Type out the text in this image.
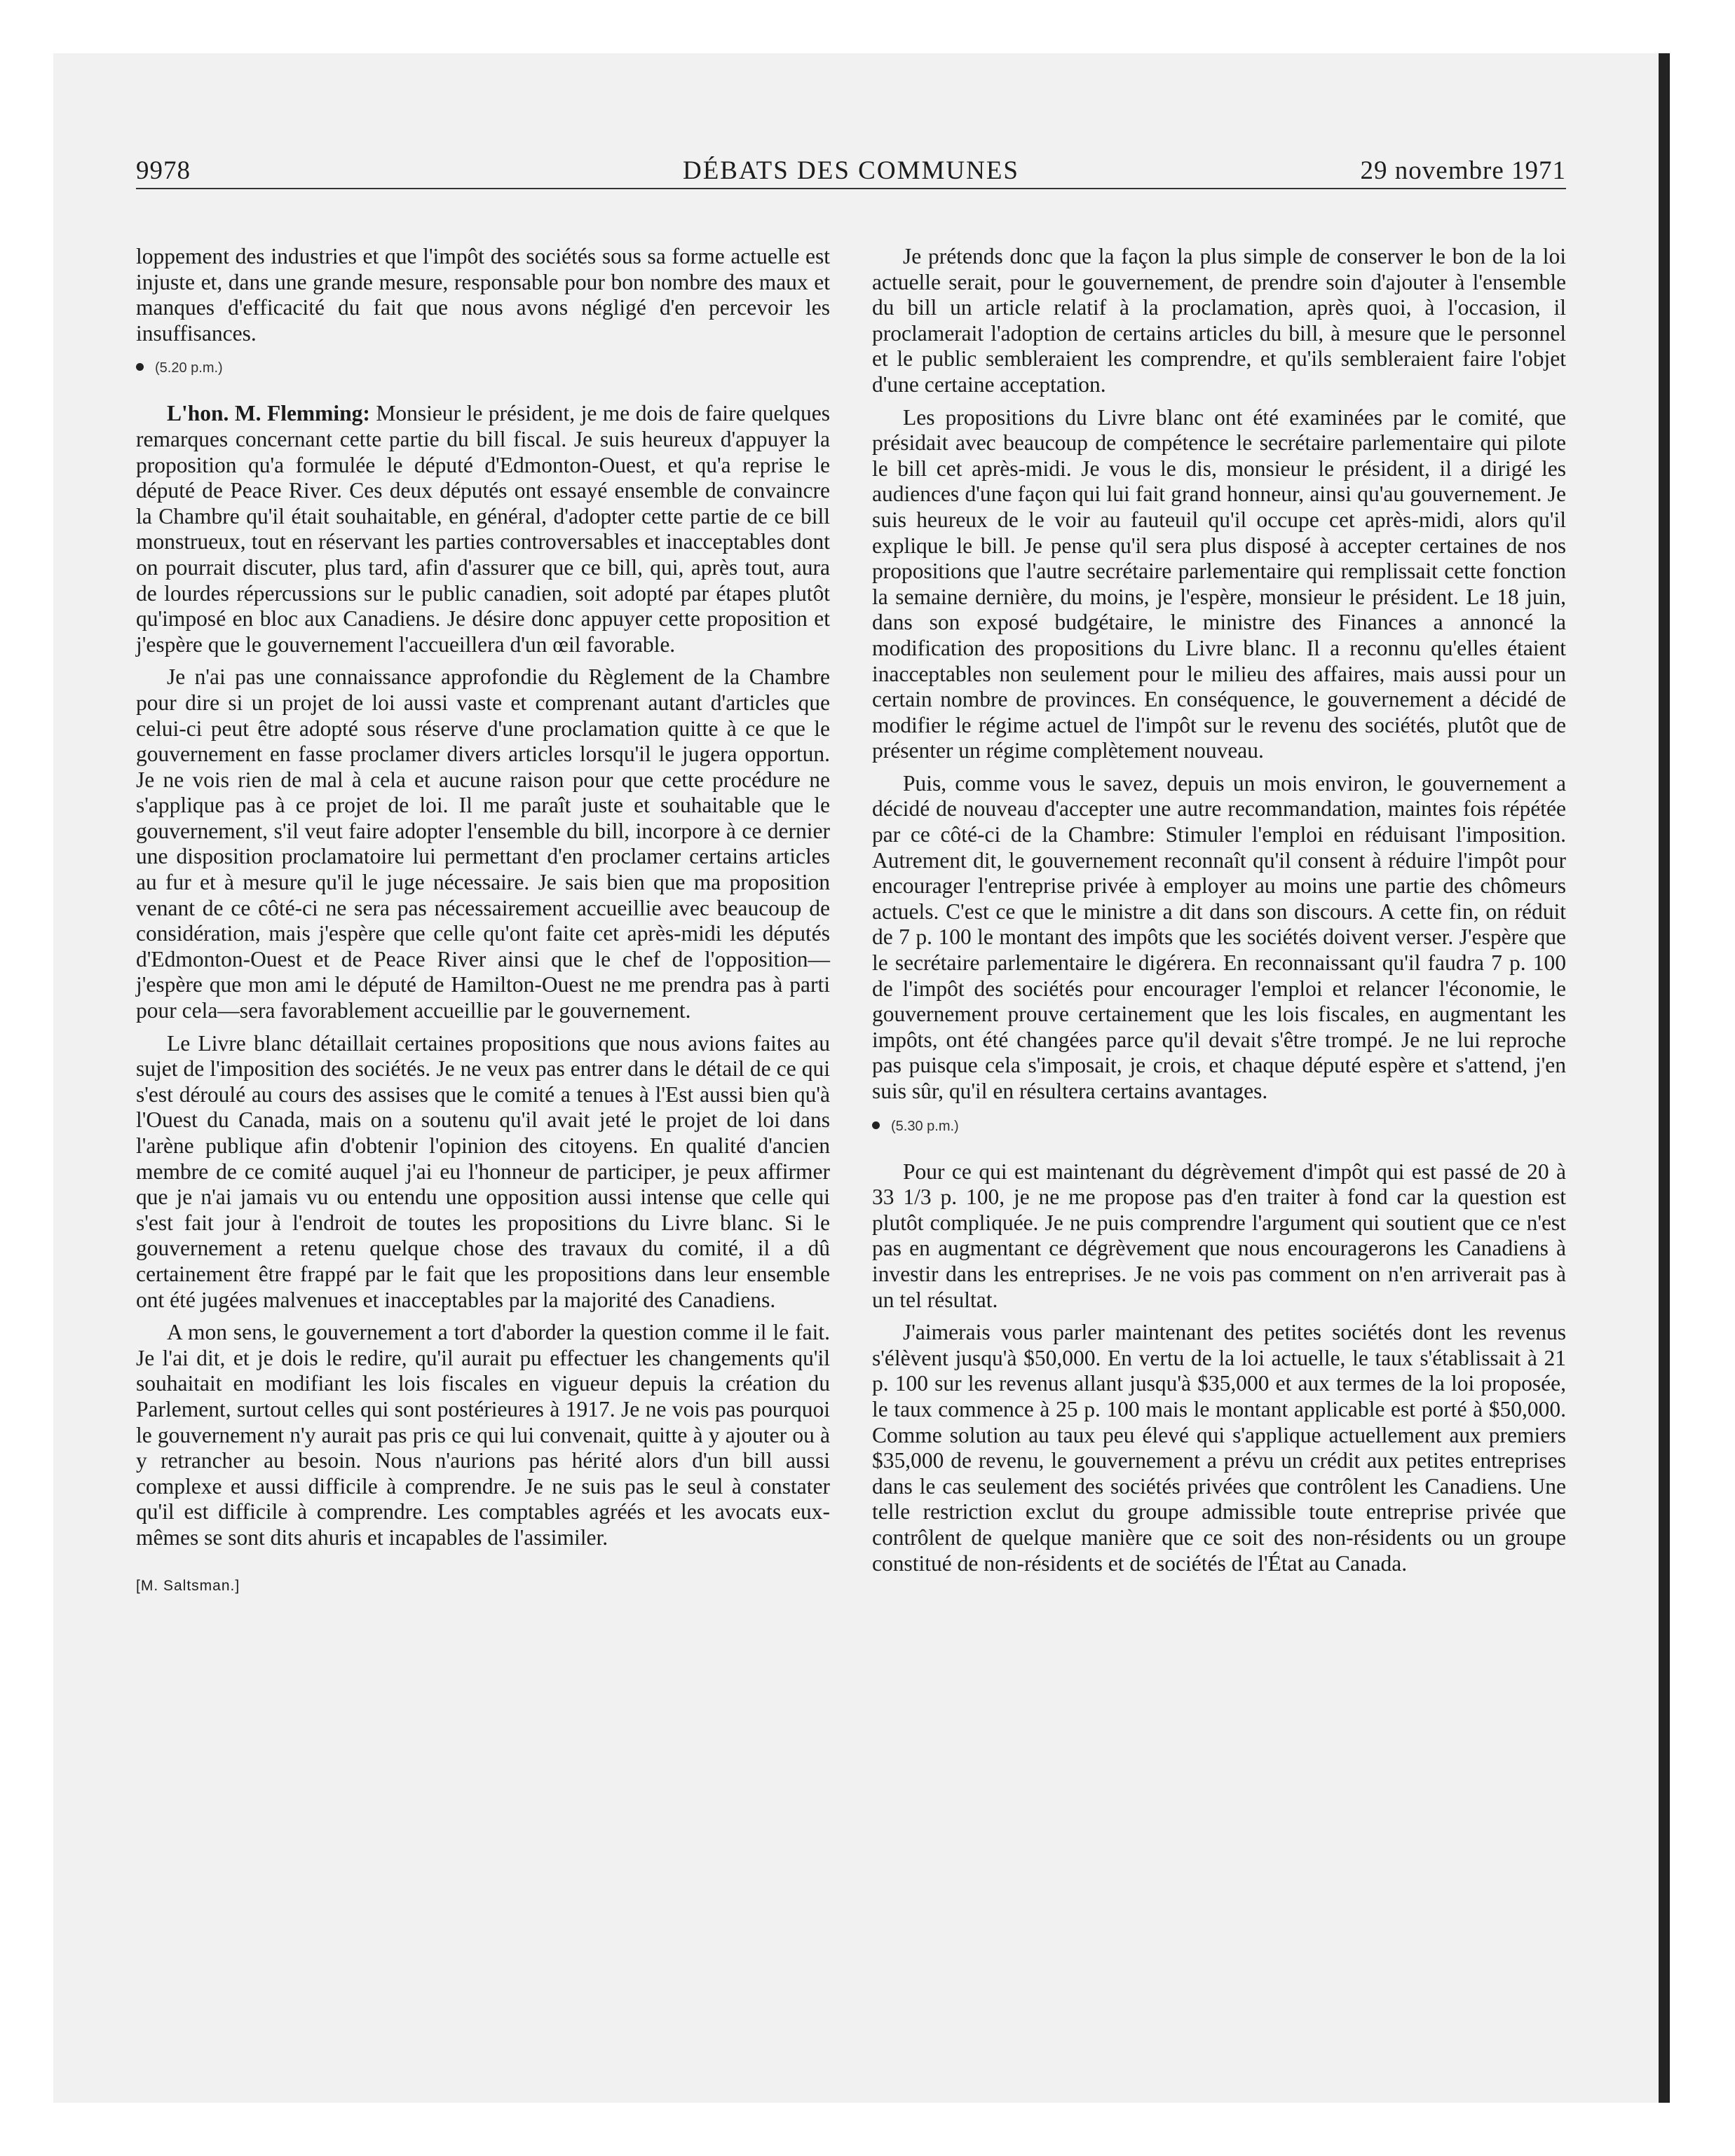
9978	DÉBATS DES COMMUNES	29 novembre 1971

loppement des industries et que l'impôt des sociétés sous sa forme actuelle est injuste et, dans une grande mesure, responsable pour bon nombre des maux et manques d'efficacité du fait que nous avons négligé d'en percevoir les insuffisances.

(5.20 p.m.)

L'hon. M. Flemming: Monsieur le président, je me dois de faire quelques remarques concernant cette partie du bill fiscal. Je suis heureux d'appuyer la proposition qu'a formulée le député d'Edmonton-Ouest, et qu'a reprise le député de Peace River. Ces deux députés ont essayé ensemble de convaincre la Chambre qu'il était souhaitable, en général, d'adopter cette partie de ce bill monstrueux, tout en réservant les parties controversables et inacceptables dont on pourrait discuter, plus tard, afin d'assurer que ce bill, qui, après tout, aura de lourdes répercussions sur le public canadien, soit adopté par étapes plutôt qu'imposé en bloc aux Canadiens. Je désire donc appuyer cette proposition et j'espère que le gouvernement l'accueillera d'un œil favorable.

Je n'ai pas une connaissance approfondie du Règlement de la Chambre pour dire si un projet de loi aussi vaste et comprenant autant d'articles que celui-ci peut être adopté sous réserve d'une proclamation quitte à ce que le gouvernement en fasse proclamer divers articles lorsqu'il le jugera opportun. Je ne vois rien de mal à cela et aucune raison pour que cette procédure ne s'applique pas à ce projet de loi. Il me paraît juste et souhaitable que le gouvernement, s'il veut faire adopter l'ensemble du bill, incorpore à ce dernier une disposition proclamatoire lui permettant d'en proclamer certains articles au fur et à mesure qu'il le juge nécessaire. Je sais bien que ma proposition venant de ce côté-ci ne sera pas nécessairement accueillie avec beaucoup de considération, mais j'espère que celle qu'ont faite cet après-midi les députés d'Edmonton-Ouest et de Peace River ainsi que le chef de l'opposition—j'espère que mon ami le député de Hamilton-Ouest ne me prendra pas à parti pour cela—sera favorablement accueillie par le gouvernement.

Le Livre blanc détaillait certaines propositions que nous avions faites au sujet de l'imposition des sociétés. Je ne veux pas entrer dans le détail de ce qui s'est déroulé au cours des assises que le comité a tenues à l'Est aussi bien qu'à l'Ouest du Canada, mais on a soutenu qu'il avait jeté le projet de loi dans l'arène publique afin d'obtenir l'opinion des citoyens. En qualité d'ancien membre de ce comité auquel j'ai eu l'honneur de participer, je peux affirmer que je n'ai jamais vu ou entendu une opposition aussi intense que celle qui s'est fait jour à l'endroit de toutes les propositions du Livre blanc. Si le gouvernement a retenu quelque chose des travaux du comité, il a dû certainement être frappé par le fait que les propositions dans leur ensemble ont été jugées malvenues et inacceptables par la majorité des Canadiens.

A mon sens, le gouvernement a tort d'aborder la question comme il le fait. Je l'ai dit, et je dois le redire, qu'il aurait pu effectuer les changements qu'il souhaitait en modifiant les lois fiscales en vigueur depuis la création du Parlement, surtout celles qui sont postérieures à 1917. Je ne vois pas pourquoi le gouvernement n'y aurait pas pris ce qui lui convenait, quitte à y ajouter ou à y retrancher au besoin. Nous n'aurions pas hérité alors d'un bill aussi complexe et aussi difficile à comprendre. Je ne suis pas le seul à constater qu'il est difficile à comprendre. Les comptables agréés et les avocats eux-mêmes se sont dits ahuris et incapables de l'assimiler.

[M. Saltsman.]

Je prétends donc que la façon la plus simple de conserver le bon de la loi actuelle serait, pour le gouvernement, de prendre soin d'ajouter à l'ensemble du bill un article relatif à la proclamation, après quoi, à l'occasion, il proclamerait l'adoption de certains articles du bill, à mesure que le personnel et le public sembleraient les comprendre, et qu'ils sembleraient faire l'objet d'une certaine acceptation.

Les propositions du Livre blanc ont été examinées par le comité, que présidait avec beaucoup de compétence le secrétaire parlementaire qui pilote le bill cet après-midi. Je vous le dis, monsieur le président, il a dirigé les audiences d'une façon qui lui fait grand honneur, ainsi qu'au gouvernement. Je suis heureux de le voir au fauteuil qu'il occupe cet après-midi, alors qu'il explique le bill. Je pense qu'il sera plus disposé à accepter certaines de nos propositions que l'autre secrétaire parlementaire qui remplissait cette fonction la semaine dernière, du moins, je l'espère, monsieur le président. Le 18 juin, dans son exposé budgétaire, le ministre des Finances a annoncé la modification des propositions du Livre blanc. Il a reconnu qu'elles étaient inacceptables non seulement pour le milieu des affaires, mais aussi pour un certain nombre de provinces. En conséquence, le gouvernement a décidé de modifier le régime actuel de l'impôt sur le revenu des sociétés, plutôt que de présenter un régime complètement nouveau.

Puis, comme vous le savez, depuis un mois environ, le gouvernement a décidé de nouveau d'accepter une autre recommandation, maintes fois répétée par ce côté-ci de la Chambre: Stimuler l'emploi en réduisant l'imposition. Autrement dit, le gouvernement reconnaît qu'il consent à réduire l'impôt pour encourager l'entreprise privée à employer au moins une partie des chômeurs actuels. C'est ce que le ministre a dit dans son discours. A cette fin, on réduit de 7 p. 100 le montant des impôts que les sociétés doivent verser. J'espère que le secrétaire parlementaire le digérera. En reconnaissant qu'il faudra 7 p. 100 de l'impôt des sociétés pour encourager l'emploi et relancer l'économie, le gouvernement prouve certainement que les lois fiscales, en augmentant les impôts, ont été changées parce qu'il devait s'être trompé. Je ne lui reproche pas puisque cela s'imposait, je crois, et chaque député espère et s'attend, j'en suis sûr, qu'il en résultera certains avantages.

(5.30 p.m.)

Pour ce qui est maintenant du dégrèvement d'impôt qui est passé de 20 à 33 1/3 p. 100, je ne me propose pas d'en traiter à fond car la question est plutôt compliquée. Je ne puis comprendre l'argument qui soutient que ce n'est pas en augmentant ce dégrèvement que nous encouragerons les Canadiens à investir dans les entreprises. Je ne vois pas comment on n'en arriverait pas à un tel résultat.

J'aimerais vous parler maintenant des petites sociétés dont les revenus s'élèvent jusqu'à $50,000. En vertu de la loi actuelle, le taux s'établissait à 21 p. 100 sur les revenus allant jusqu'à $35,000 et aux termes de la loi proposée, le taux commence à 25 p. 100 mais le montant applicable est porté à $50,000. Comme solution au taux peu élevé qui s'applique actuellement aux premiers $35,000 de revenu, le gouvernement a prévu un crédit aux petites entreprises dans le cas seulement des sociétés privées que contrôlent les Canadiens. Une telle restriction exclut du groupe admissible toute entreprise privée que contrôlent de quelque manière que ce soit des non-résidents ou un groupe constitué de non-résidents et de sociétés de l'État au Canada.
